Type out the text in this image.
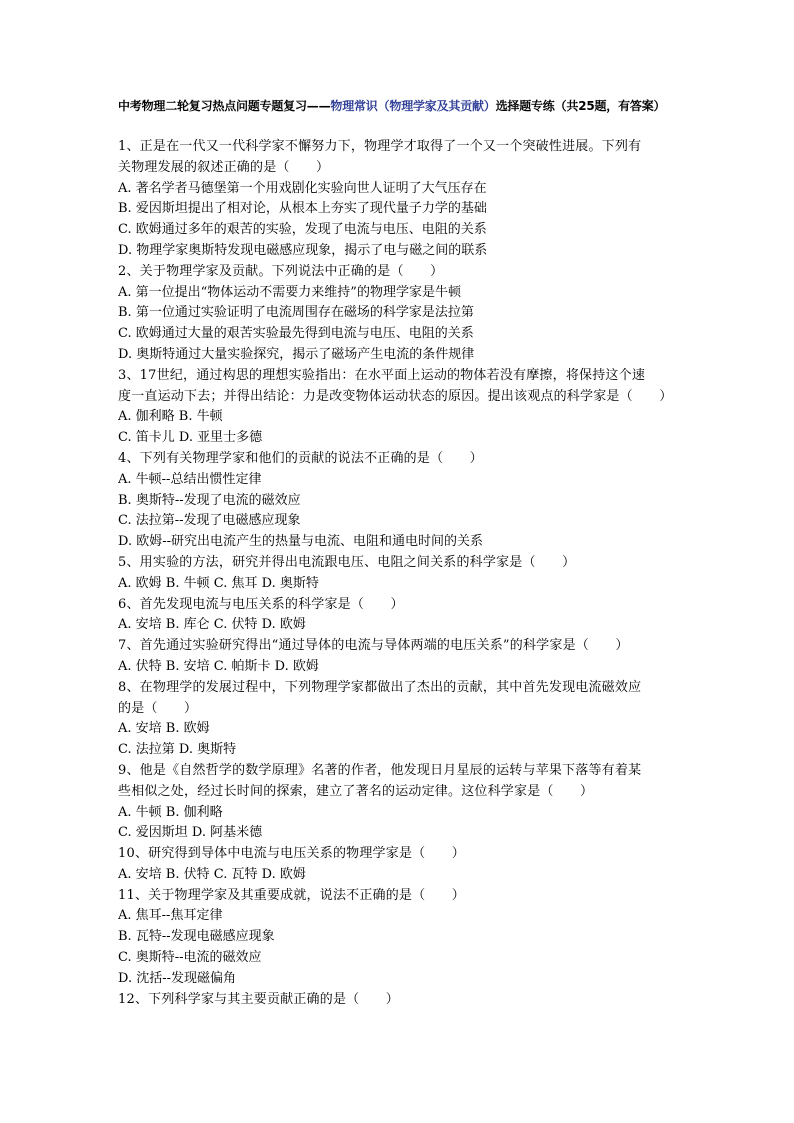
中考物理二轮复习热点问题专题复习——物理常识（物理学家及其贡献）选择题专练（共25题，有答案）
1、正是在一代又一代科学家不懈努力下，物理学才取得了一个又一个突破性进展。下列有
关物理发展的叙述正确的是（　　）
A. 著名学者马德堡第一个用戏剧化实验向世人证明了大气压存在
B. 爱因斯坦提出了相对论，从根本上夯实了现代量子力学的基础
C. 欧姆通过多年的艰苦的实验，发现了电流与电压、电阻的关系
D. 物理学家奥斯特发现电磁感应现象，揭示了电与磁之间的联系
2、关于物理学家及贡献。下列说法中正确的是（　　）
A. 第一位提出“物体运动不需要力来维持”的物理学家是牛顿
B. 第一位通过实验证明了电流周围存在磁场的科学家是法拉第
C. 欧姆通过大量的艰苦实验最先得到电流与电压、电阻的关系
D. 奥斯特通过大量实验探究，揭示了磁场产生电流的条件规律
3、17世纪，通过构思的理想实验指出：在水平面上运动的物体若没有摩擦，将保持这个速
度一直运动下去；并得出结论：力是改变物体运动状态的原因。提出该观点的科学家是（　　）
A. 伽利略 B. 牛顿
C. 笛卡儿 D. 亚里士多德
4、下列有关物理学家和他们的贡献的说法不正确的是（　　）
A. 牛顿--总结出惯性定律
B. 奥斯特--发现了电流的磁效应
C. 法拉第--发现了电磁感应现象
D. 欧姆--研究出电流产生的热量与电流、电阻和通电时间的关系
5、用实验的方法，研究并得出电流跟电压、电阻之间关系的科学家是（　　）
A. 欧姆 B. 牛顿 C. 焦耳 D. 奥斯特
6、首先发现电流与电压关系的科学家是（　　）
A. 安培 B. 库仑 C. 伏特 D. 欧姆
7、首先通过实验研究得出“通过导体的电流与导体两端的电压关系”的科学家是（　　）
A. 伏特 B. 安培 C. 帕斯卡 D. 欧姆
8、在物理学的发展过程中，下列物理学家都做出了杰出的贡献，其中首先发现电流磁效应
的是（　　）
A. 安培 B. 欧姆
C. 法拉第 D. 奥斯特
9、他是《自然哲学的数学原理》名著的作者，他发现日月星辰的运转与苹果下落等有着某
些相似之处，经过长时间的探索，建立了著名的运动定律。这位科学家是（　　）
A. 牛顿 B. 伽利略
C. 爱因斯坦 D. 阿基米德
10、研究得到导体中电流与电压关系的物理学家是（　　）
A. 安培 B. 伏特 C. 瓦特 D. 欧姆
11、关于物理学家及其重要成就，说法不正确的是（　　）
A. 焦耳--焦耳定律
B. 瓦特--发现电磁感应现象
C. 奥斯特--电流的磁效应
D. 沈括--发现磁偏角
12、下列科学家与其主要贡献正确的是（　　）
